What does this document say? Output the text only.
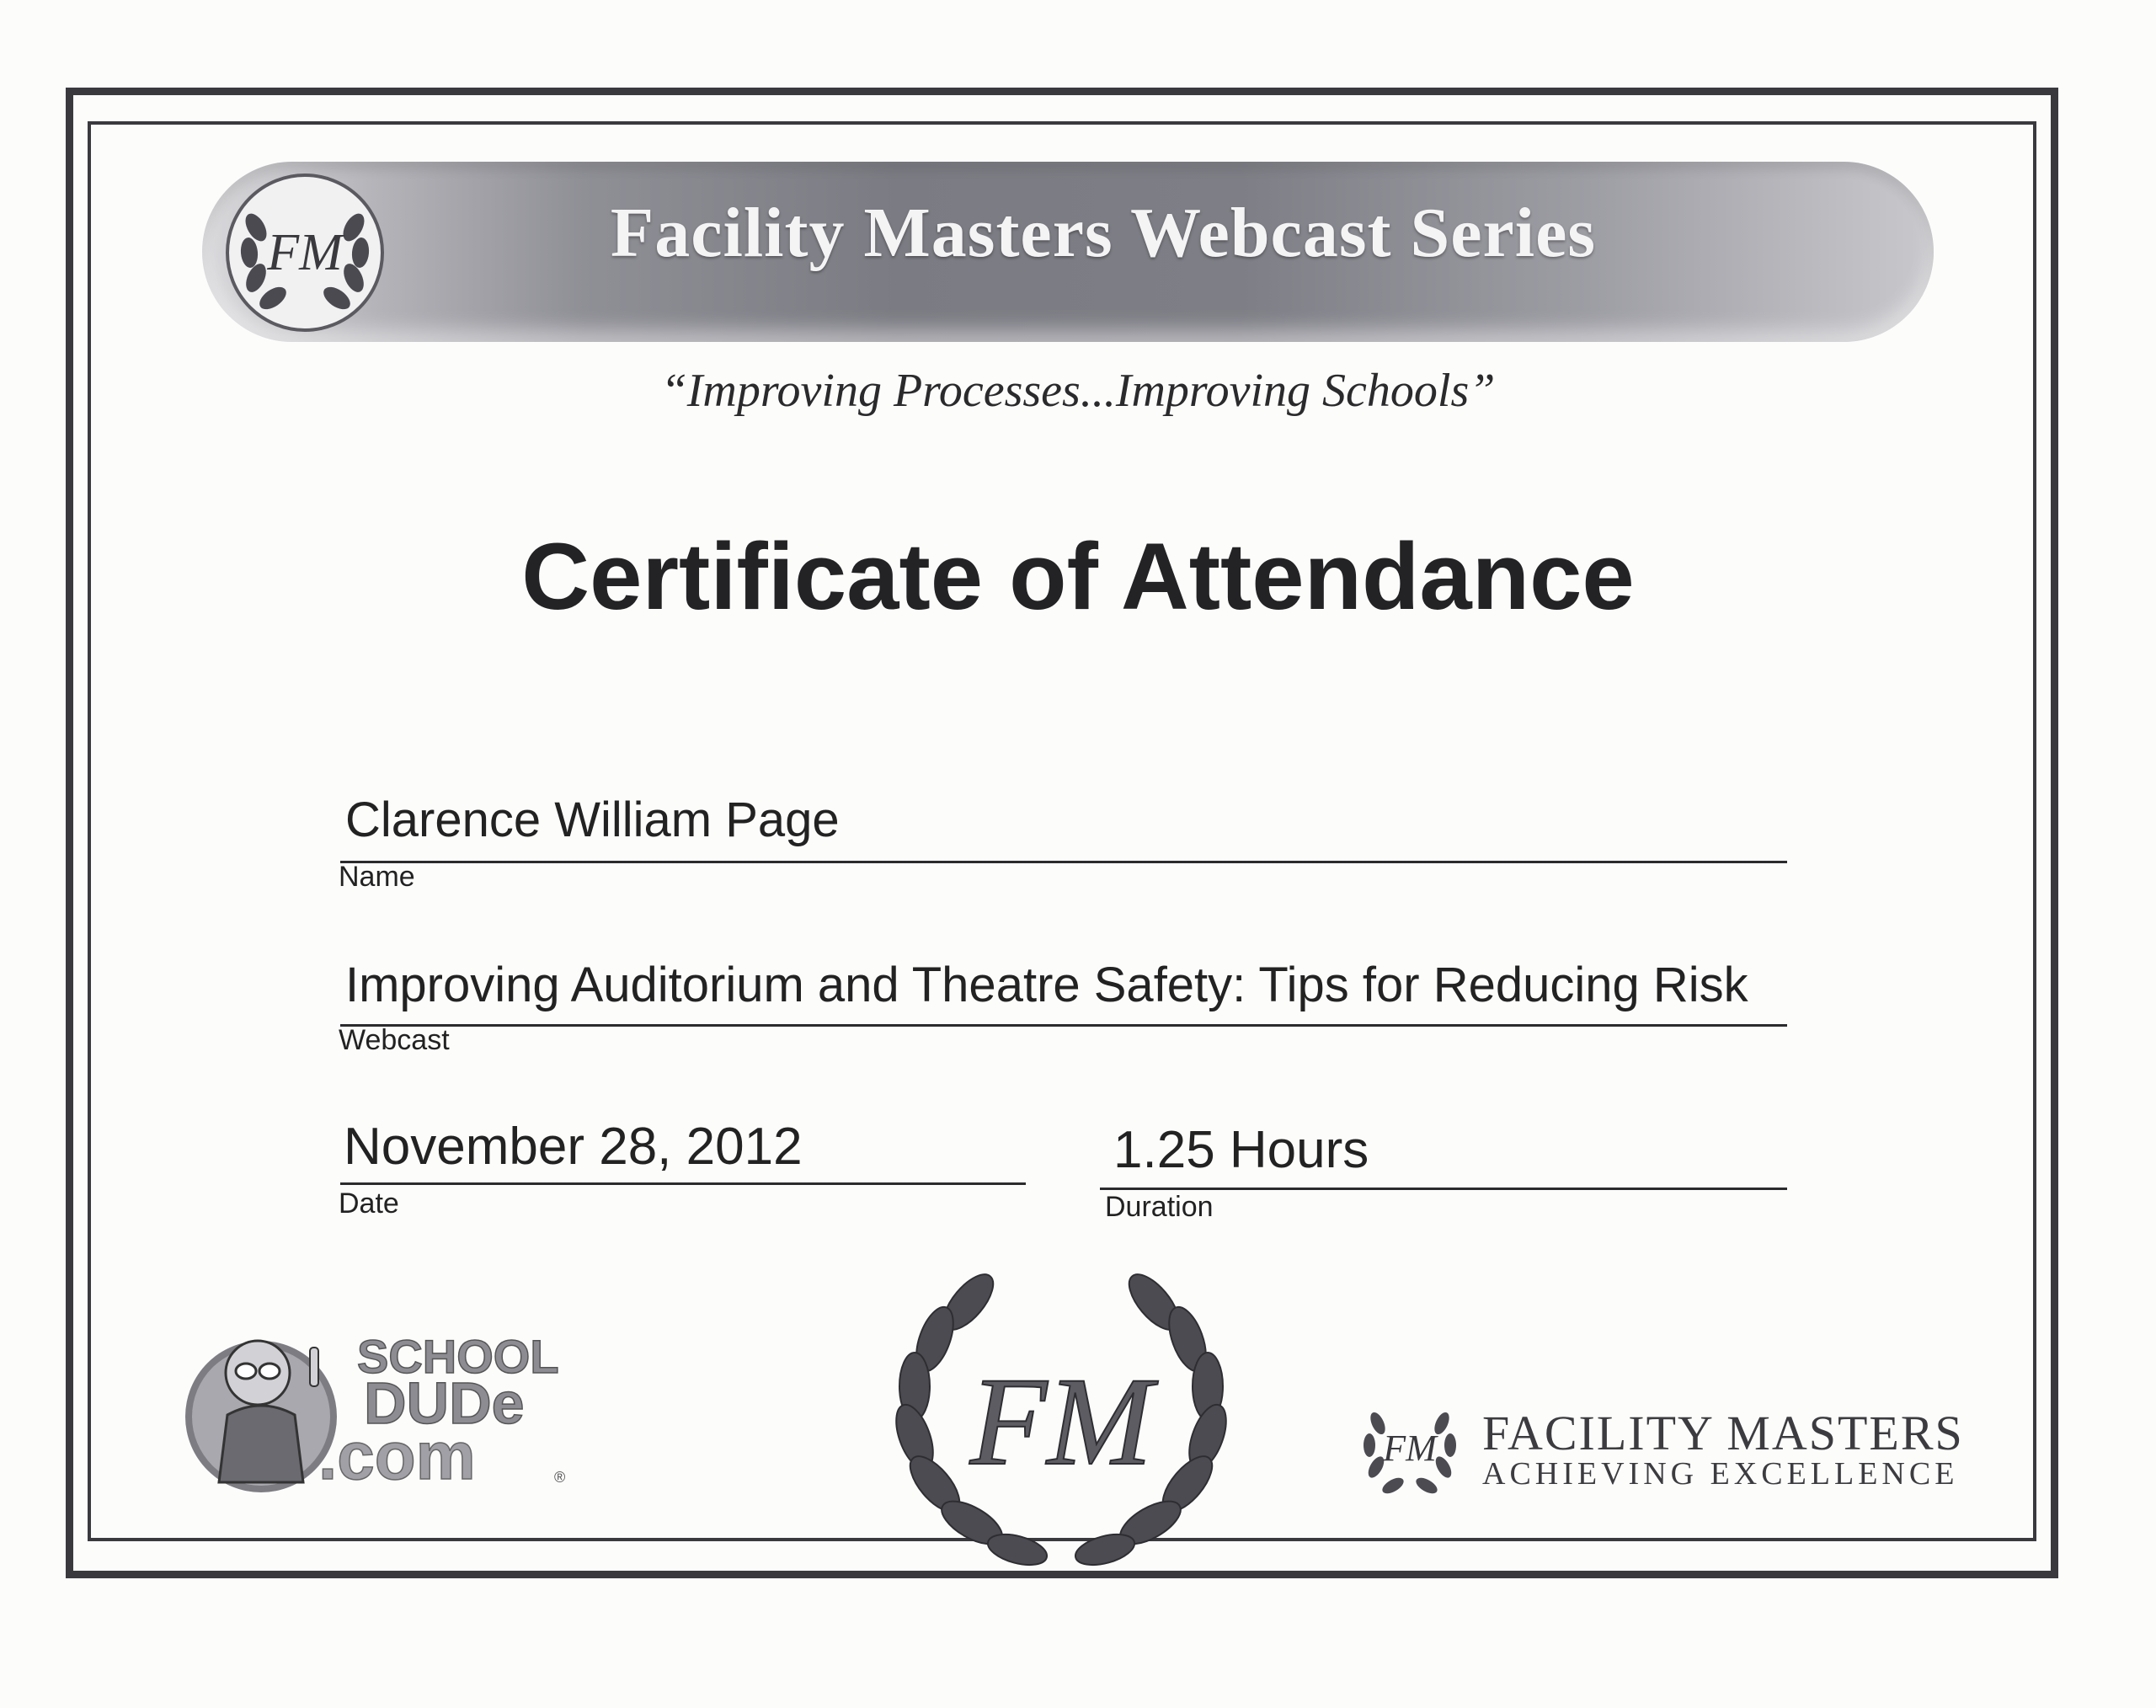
FM	Facility Masters Webcast Series
“Improving Processes...Improving Schools”
Certificate of Attendance
Clarence William Page
Name
Improving Auditorium and Theatre Safety: Tips for Reducing Risk
Webcast
November 28, 2012
Date
1.25 Hours
Duration
SCHOOL
DUDe
.com	®	FM	FM FACILITY MASTERS
ACHIEVING EXCELLENCE
